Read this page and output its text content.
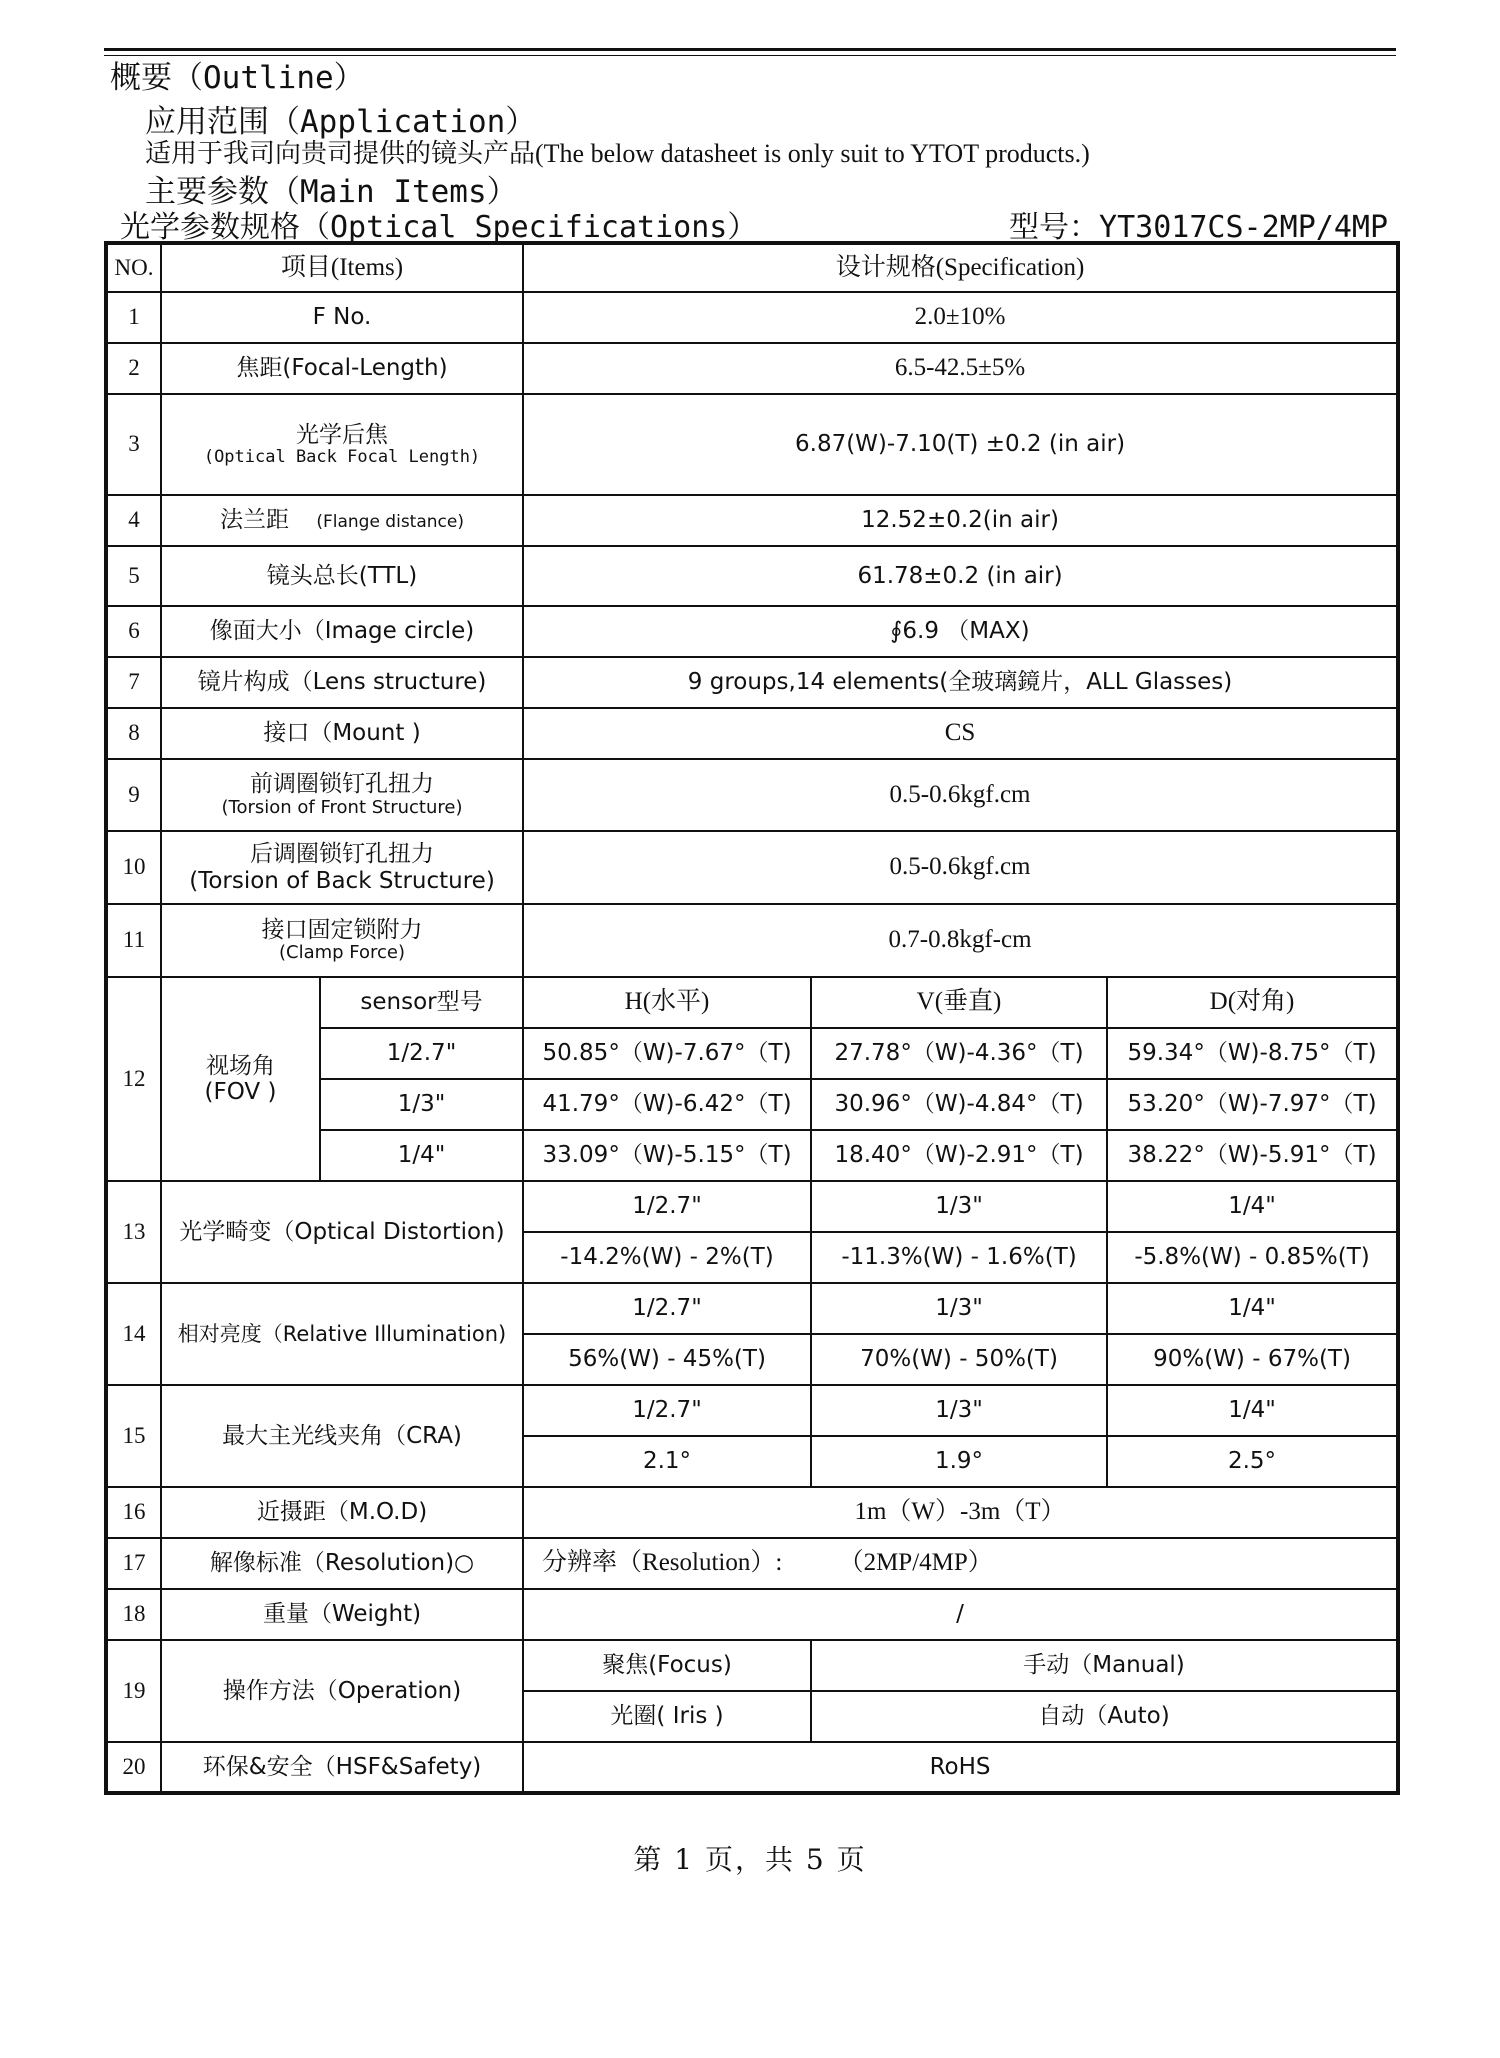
概要（Outline）
应用范围（Application）
适用于我司向贵司提供的镜头产品(The below datasheet is only suit to YTOT products.)
主要参数（Main Items）
光学参数规格（Optical Specifications）	型号：YT3017CS-2MP/4MP
NO.	项目(Items)		设计规格(Specification)		
1	F No.		2.0±10%		
2	焦距(Focal-Length)		6.5-42.5±5%		
3	光学后焦
(Optical Back Focal Length)		6.87(W)-7.10(T) ±0.2 (in air)		
4	法兰距 (Flange distance)		12.52±0.2(in air)		
5	镜头总长(TTL)		61.78±0.2 (in air)		
6	像面大小（Image circle)		∮6.9 （MAX)		
7	镜片构成（Lens structure)		9 groups,14 elements(全玻璃鏡片，ALL Glasses)		
8	接口（Mount )		CS		
9	前调圈锁钉孔扭力
(Torsion of Front Structure)		0.5-0.6kgf.cm		
10	后调圈锁钉孔扭力
(Torsion of Back Structure)		0.5-0.6kgf.cm		
11	接口固定锁附力
(Clamp Force)		0.7-0.8kgf-cm		
12	视场角
(FOV )	sensor型号	H(水平)	V(垂直)	D(对角)
		1/2.7"	50.85°（W)-7.67°（T)	27.78°（W)-4.36°（T)	59.34°（W)-8.75°（T)
		1/3"	41.79°（W)-6.42°（T)	30.96°（W)-4.84°（T)	53.20°（W)-7.97°（T)
		1/4"	33.09°（W)-5.15°（T)	18.40°（W)-2.91°（T)	38.22°（W)-5.91°（T)
13	光学畸变（Optical Distortion)		1/2.7"	1/3"	1/4"
			-14.2%(W) - 2%(T)	-11.3%(W) - 1.6%(T)	-5.8%(W) - 0.85%(T)
14	相对亮度（Relative Illumination)		1/2.7"	1/3"	1/4"
			56%(W) - 45%(T)	70%(W) - 50%(T)	90%(W) - 67%(T)
15	最大主光线夹角（CRA)		1/2.7"	1/3"	1/4"
			2.1°	1.9°	2.5°
16	近摄距（M.O.D)		1m（W）-3m（T）		
17	解像标准（Resolution)○		分辨率（Resolution）: （2MP/4MP）		
18	重量（Weight)		/		
19	操作方法（Operation)		聚焦(Focus)	手动（Manual)	
			光圈( Iris )	自动（Auto)	
20	环保&安全（HSF&Safety)		RoHS		
第 1 页，共 5 页
